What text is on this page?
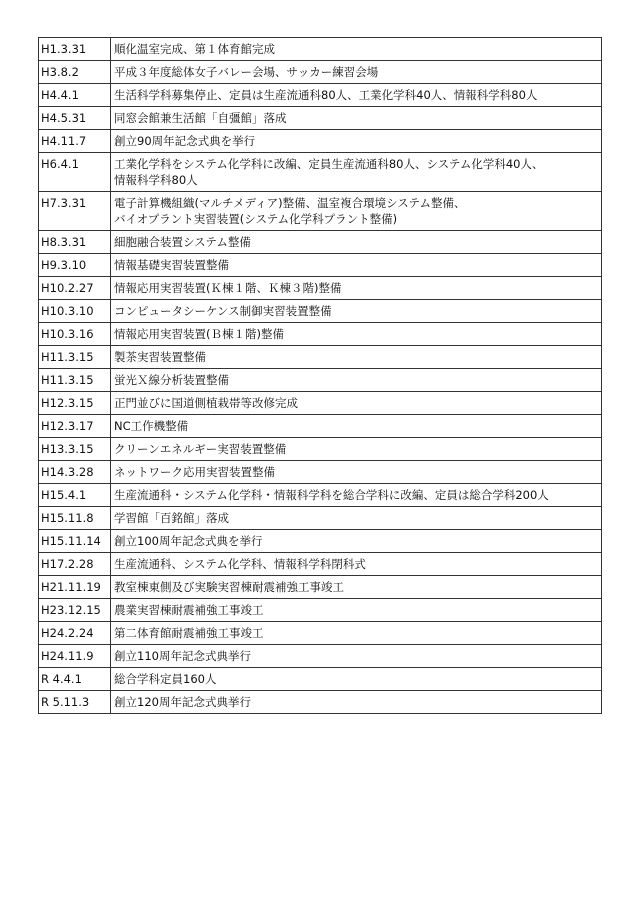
H1.3.31	順化温室完成、第１体育館完成

H3.8.2	平成３年度総体女子バレー会場、サッカー練習会場

H4.4.1	生活科学科募集停止、定員は生産流通科80人、工業化学科40人、情報科学科80人

H4.5.31	同窓会館兼生活館「自彊館」落成

H4.11.7	創立90周年記念式典を挙行

H6.4.1	工業化学科をシステム化学科に改編、定員生産流通科80人、システム化学科40人、
情報科学科80人

H7.3.31	電子計算機組織(マルチメディア)整備、温室複合環境システム整備、
バイオプラント実習装置(システム化学科プラント整備)

H8.3.31	細胞融合装置システム整備

H9.3.10	情報基礎実習装置整備

H10.2.27	情報応用実習装置(Ｋ棟１階、Ｋ棟３階)整備

H10.3.10	コンピュータシーケンス制御実習装置整備

H10.3.16	情報応用実習装置(Ｂ棟１階)整備

H11.3.15	製茶実習装置整備

H11.3.15	蛍光Ｘ線分析装置整備

H12.3.15	正門並びに国道側植栽帯等改修完成

H12.3.17	NC工作機整備

H13.3.15	クリーンエネルギー実習装置整備

H14.3.28	ネットワーク応用実習装置整備

H15.4.1	生産流通科・システム化学科・情報科学科を総合学科に改編、定員は総合学科200人

H15.11.8	学習館「百銘館」落成

H15.11.14	創立100周年記念式典を挙行

H17.2.28	生産流通科、システム化学科、情報科学科閉科式

H21.11.19	教室棟東側及び実験実習棟耐震補強工事竣工

H23.12.15	農業実習棟耐震補強工事竣工

H24.2.24	第二体育館耐震補強工事竣工

H24.11.9	創立110周年記念式典挙行

R 4.4.1	総合学科定員160人

R 5.11.3	創立120周年記念式典挙行
